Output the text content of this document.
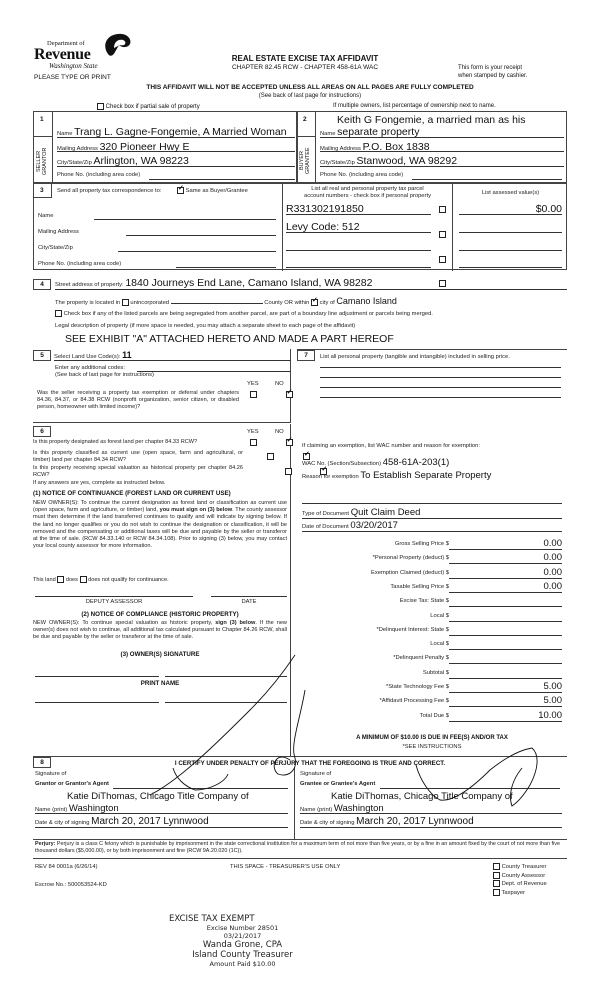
Department of
Revenue
Washington State
PLEASE TYPE OR PRINT
REAL ESTATE EXCISE TAX AFFIDAVIT
CHAPTER 82.45 RCW - CHAPTER 458-61A WAC	This form is your receipt
when stamped by cashier.
THIS AFFIDAVIT WILL NOT BE ACCEPTED UNLESS ALL AREAS ON ALL PAGES ARE FULLY COMPLETED
(See back of last page for instructions)
Check box if partial sale of property	If multiple owners, list percentage of ownership next to name.
1
SELLER
GRANTOR
Name Trang L. Gagne-Fongemie, A Married Woman
Mailing Address 320 Pioneer Hwy E
City/State/Zip Arlington, WA 98223
Phone No. (including area code)
2
BUYER
GRANTEE
Keith G Fongemie, a married man as his
Name separate property
Mailing Address P.O. Box 1838
City/State/Zip Stanwood, WA 98292
Phone No. (including area code)
3 Send all property tax correspondence to: ✓	Same as Buyer/Grantee
Name
Mailing Address
City/State/Zip
Phone No. (including area code)
List all real and personal property tax parcel
account numbers - check box if personal property	List assessed value(s)
R331302191850	$0.00
Levy Code: 512
4	Street address of property: 1840 Journeys End Lane, Camano Island, WA 98282
The property is located in unincorporated	County OR within ✓ city of Camano Island
Check box if any of the listed parcels are being segregated from another parcel, are part of a boundary line adjustment or parcels being merged.
Legal description of property (if more space is needed, you may attach a separate sheet to each page of the affidavit)
SEE EXHIBIT "A" ATTACHED HERETO AND MADE A PART HEREOF
5	Select Land Use Code(s): 11
Enter any additional codes:
(See back of last page for instructions)
YES	NO
Was the seller receiving a property tax exemption or deferral under chapters 84.36, 84.37, or 84.38 RCW (nonprofit organization, senior citizen, or disabled person, homeowner with limited income)?
✓
7	List all personal property (tangible and intangible) included in selling price.
6	YES	NO
Is this property designated as forest land per chapter 84.33 RCW?
✓
Is this property classified as current use (open space, farm and agricultural, or timber) land per chapter 84.34 RCW?
✓
Is this property receiving special valuation as historical property per chapter 84.26 RCW?
✓
If any answers are yes, complete as instructed below.
(1) NOTICE OF CONTINUANCE (FOREST LAND OR CURRENT USE)
NEW OWNER(S): To continue the current designation as forest land or classification as current use (open space, farm and agriculture, or timber) land, you must sign on (3) below. The county assessor must then determine if the land transferred continues to qualify and will indicate by signing below. If the land no longer qualifies or you do not wish to continue the designation or classification, it will be removed and the compensating or additional taxes will be due and payable by the seller or transferor at the time of sale. (RCW 84.33.140 or RCW 84.34.108). Prior to signing (3) below, you may contact your local county assessor for more information.
This land does does not qualify for continuance.
DEPUTY ASSESSOR	DATE
(2) NOTICE OF COMPLIANCE (HISTORIC PROPERTY)
NEW OWNER(S): To continue special valuation as historic property, sign (3) below. If the new owner(s) does not wish to continue, all additional tax calculated pursuant to Chapter 84.26 RCW, shall be due and payable by the seller or transferor at the time of sale.
(3) OWNER(S) SIGNATURE
PRINT NAME
If claiming an exemption, list WAC number and reason for exemption:
WAC No. (Section/Subsection) 458-61A-203(1)
Reason for exemption To Establish Separate Property
Type of Document Quit Claim Deed
Date of Document 03/20/2017
Gross Selling Price $	0.00
*Personal Property (deduct) $	0.00
Exemption Claimed (deduct) $	0.00
Taxable Selling Price $	0.00
Excise Tax: State $
Local $
*Delinquent Interest: State $
Local $
*Delinquent Penalty $
Subtotal $
*State Technology Fee $	5.00
*Affidavit Processing Fee $	5.00
Total Due $	10.00
A MINIMUM OF $10.00 IS DUE IN FEE(S) AND/OR TAX
*SEE INSTRUCTIONS
8	I CERTIFY UNDER PENALTY OF PERJURY THAT THE FOREGOING IS TRUE AND CORRECT.
Signature of
Grantor or Grantor's Agent
Katie DiThomas, Chicago Title Company of
Name (print) Washington
Date & city of signing March 20, 2017 Lynnwood
Signature of
Grantee or Grantee's Agent
Katie DiThomas, Chicago Title Company of
Name (print) Washington
Date & city of signing March 20, 2017 Lynnwood
Perjury: Perjury is a class C felony which is punishable by imprisonment in the state correctional institution for a maximum term of not more than five years, or by a fine in an amount fixed by the court of not more than five thousand dollars ($5,000.00), or by both imprisonment and fine (RCW 9A.20.020 (1C)).
REV 84 0001a (6/26/14)	THIS SPACE - TREASURER'S USE ONLY
Escrow No.: 500053524-KD
County Treasurer
County Assessor
Dept. of Revenue
Taxpayer
EXCISE TAX EXEMPT
Excise Number 28501
03/21/2017
Wanda Grone, CPA
Island County Treasurer
Amount Paid $10.00
